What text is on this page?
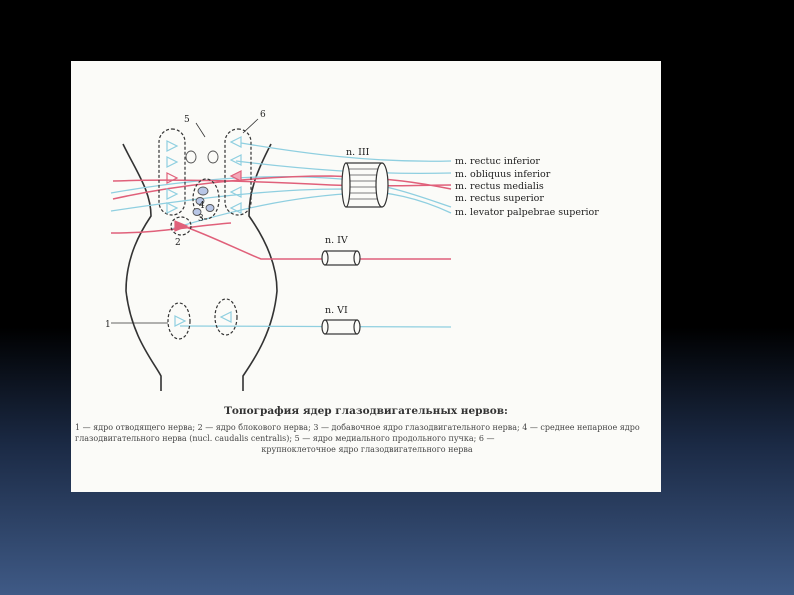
1
2
3
4
5	6
n. III
n. IV
n. VI
m. rectuc inferior
m. obliquus inferior
m. rectus medialis
m. rectus superior
m. levator palpebrae superior
Топография ядер глазодвигательных нервов:
1 — ядро отводящего нерва; 2 — ядро блокового нерва; 3 — добавочное ядро глазодвигательного нерва; 4 — среднее непарное ядро глазодвигательного нерва (nucl. caudalis centralis); 5 — ядро медиального продольного пучка; 6 —
крупноклеточное ядро глазодвигательного нерва
